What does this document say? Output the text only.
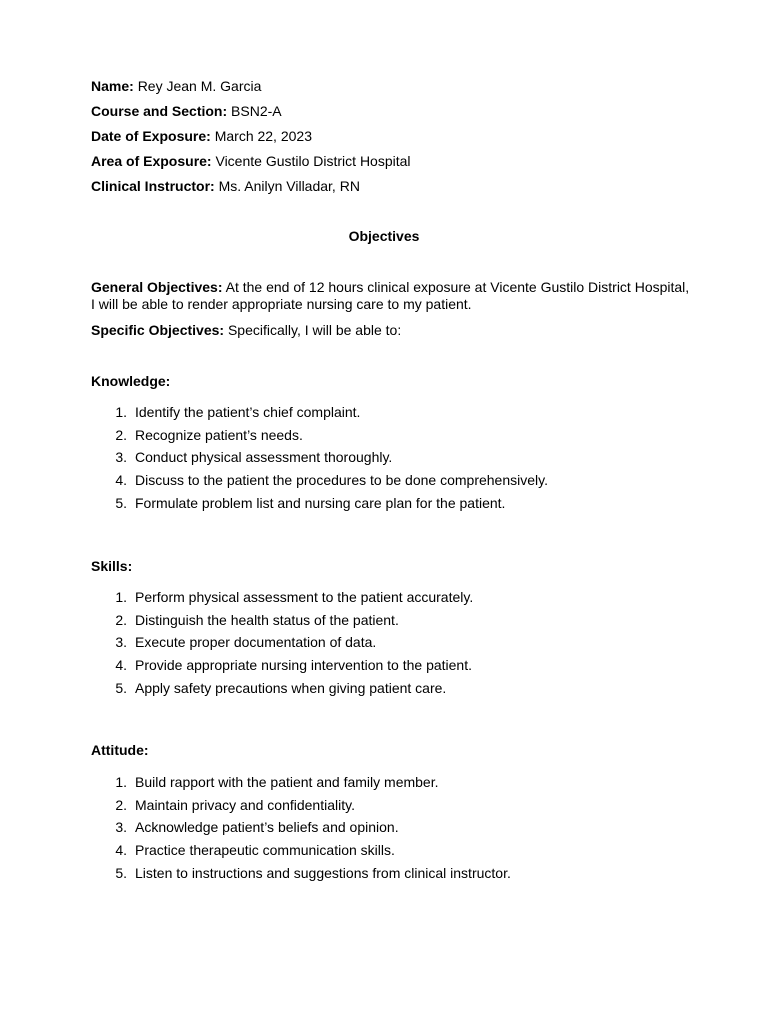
Name: Rey Jean M. Garcia
Course and Section: BSN2-A
Date of Exposure: March 22, 2023
Area of Exposure: Vicente Gustilo District Hospital
Clinical Instructor: Ms. Anilyn Villadar, RN
Objectives
General Objectives: At the end of 12 hours clinical exposure at Vicente Gustilo District Hospital, I will be able to render appropriate nursing care to my patient.
Specific Objectives: Specifically, I will be able to:
Knowledge:
1. Identify the patient’s chief complaint.
2. Recognize patient’s needs.
3. Conduct physical assessment thoroughly.
4. Discuss to the patient the procedures to be done comprehensively.
5. Formulate problem list and nursing care plan for the patient.
Skills:
1. Perform physical assessment to the patient accurately.
2. Distinguish the health status of the patient.
3. Execute proper documentation of data.
4. Provide appropriate nursing intervention to the patient.
5. Apply safety precautions when giving patient care.
Attitude:
1. Build rapport with the patient and family member.
2. Maintain privacy and confidentiality.
3. Acknowledge patient’s beliefs and opinion.
4. Practice therapeutic communication skills.
5. Listen to instructions and suggestions from clinical instructor.
